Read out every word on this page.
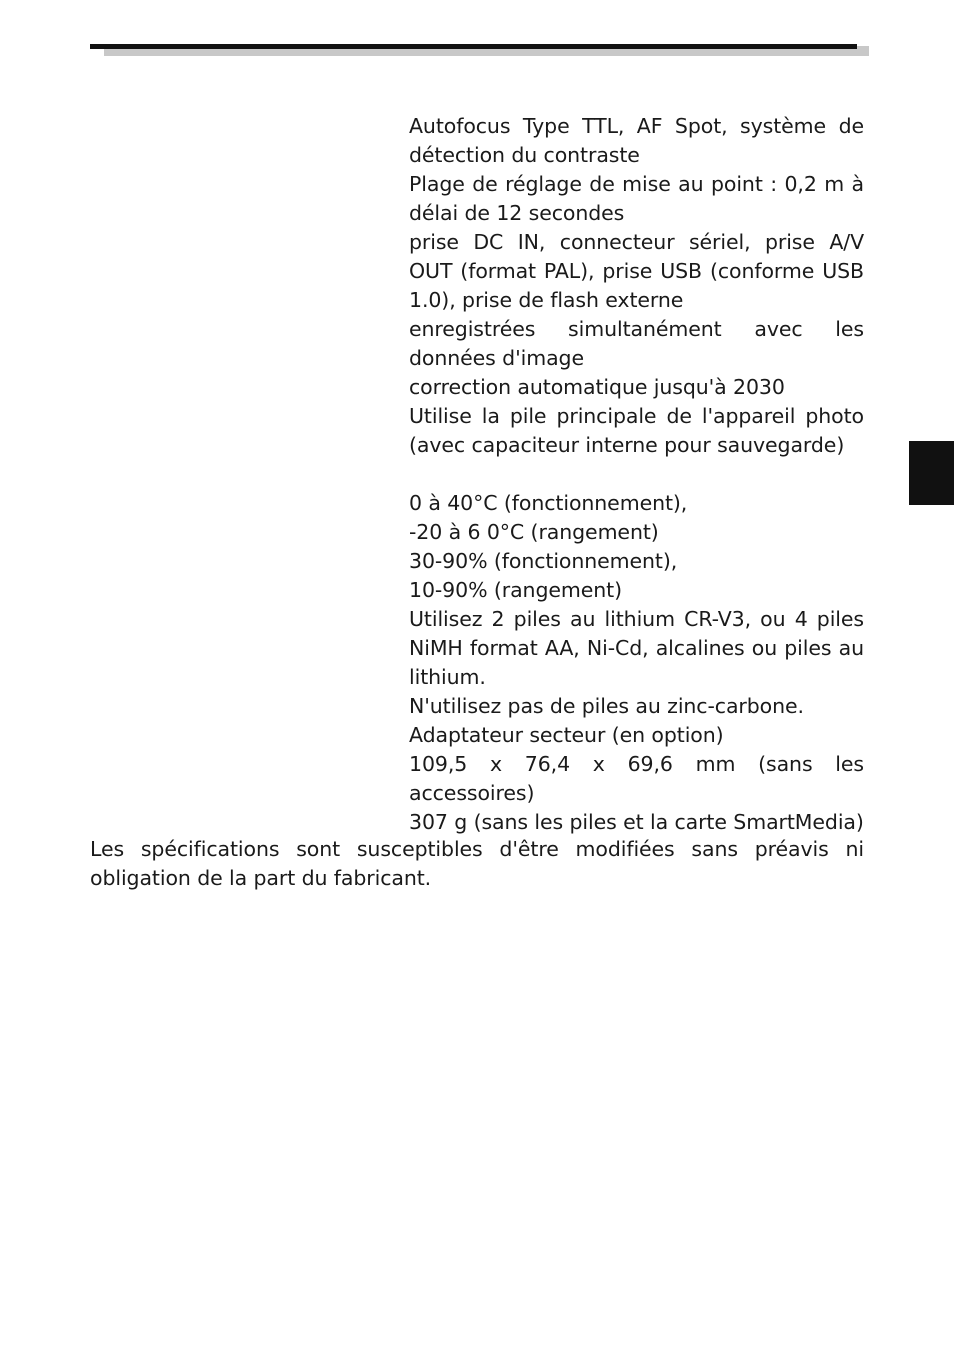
Autofocus Type TTL, AF Spot, système de détection du contraste
Plage de réglage de mise au point : 0,2 m à
délai de 12 secondes
prise DC IN, connecteur sériel, prise A/V OUT (format PAL), prise USB (conforme USB 1.0), prise de flash externe
enregistrées simultanément avec les données d'image
correction automatique jusqu'à 2030
Utilise la pile principale de l'appareil photo (avec capaciteur interne pour sauvegarde)
0 à 40°C (fonctionnement),
-20 à 6 0°C (rangement)
30-90% (fonctionnement),
10-90% (rangement)
Utilisez 2 piles au lithium CR-V3, ou 4 piles NiMH format AA, Ni-Cd, alcalines ou piles au lithium.
N'utilisez pas de piles au zinc-carbone.
Adaptateur secteur (en option)
109,5 x 76,4 x 69,6 mm (sans les accessoires)
307 g (sans les piles et la carte SmartMedia)

Les spécifications sont susceptibles d'être modifiées sans préavis ni obligation de la part du fabricant.
